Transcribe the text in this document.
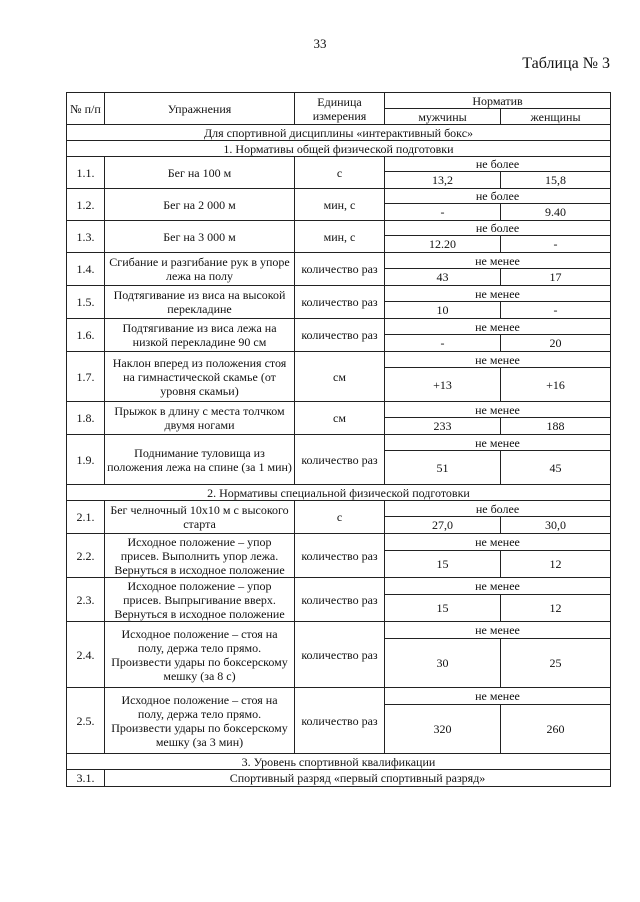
33
Таблица № 3
№ п/п	Упражнения	Единица измерения	Норматив	
			мужчины	женщины
Для спортивной дисциплины «интерактивный бокс»				
1. Нормативы общей физической подготовки				
1.1.	Бег на 100 м	с	не более	
			13,2	15,8
1.2.	Бег на 2 000 м	мин, с	не более	
			-	9.40
1.3.	Бег на 3 000 м	мин, с	не более	
			12.20	-
1.4.	Сгибание и разгибание рук в упоре лежа на полу	количество раз	не менее	
			43	17
1.5.	Подтягивание из виса на высокой перекладине	количество раз	не менее	
			10	-
1.6.	Подтягивание из виса лежа на низкой перекладине 90 см	количество раз	не менее	
			-	20
1.7.	Наклон вперед из положения стоя на гимнастической скамье (от уровня скамьи)	см	не менее	
			+13	+16
1.8.	Прыжок в длину с места толчком двумя ногами	см	не менее	
			233	188
1.9.	Поднимание туловища из положения лежа на спине (за 1 мин)	количество раз	не менее	
			51	45
2. Нормативы специальной физической подготовки				
2.1.	Бег челночный 10х10 м с высокого старта	с	не более	
			27,0	30,0
2.2.	Исходное положение – упор присев. Выполнить упор лежа. Вернуться в исходное положение	количество раз	не менее	
			15	12
2.3.	Исходное положение – упор присев. Выпрыгивание вверх. Вернуться в исходное положение	количество раз	не менее	
			15	12
2.4.	Исходное положение – стоя на полу, держа тело прямо. Произвести удары по боксерскому мешку (за 8 с)	количество раз	не менее	
			30	25
2.5.	Исходное положение – стоя на полу, держа тело прямо. Произвести удары по боксерскому мешку (за 3 мин)	количество раз	не менее	
			320	260
3. Уровень спортивной квалификации				
3.1.	Спортивный разряд «первый спортивный разряд»			
